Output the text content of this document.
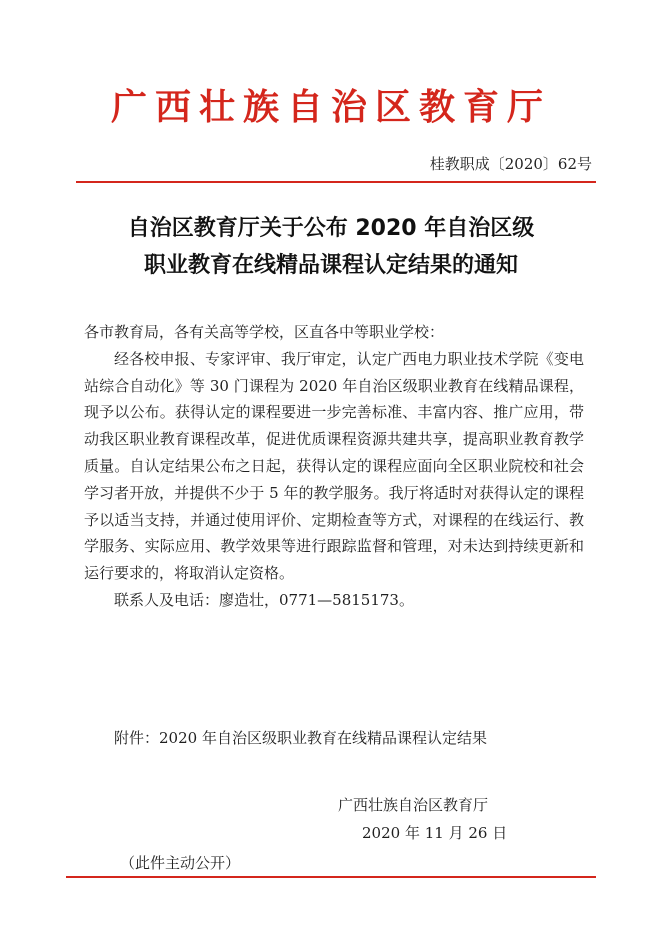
广西壮族自治区教育厅
桂教职成〔2020〕62号
自治区教育厅关于公布 2020 年自治区级
职业教育在线精品课程认定结果的通知

各市教育局，各有关高等学校，区直各中等职业学校：

经各校申报、专家评审、我厅审定，认定广西电力职业技术学院《变电站综合自动化》等 30 门课程为 2020 年自治区级职业教育在线精品课程，现予以公布。获得认定的课程要进一步完善标准、丰富内容、推广应用，带动我区职业教育课程改革，促进优质课程资源共建共享，提高职业教育教学质量。自认定结果公布之日起，获得认定的课程应面向全区职业院校和社会学习者开放，并提供不少于 5 年的教学服务。我厅将适时对获得认定的课程予以适当支持，并通过使用评价、定期检查等方式，对课程的在线运行、教学服务、实际应用、教学效果等进行跟踪监督和管理，对未达到持续更新和运行要求的，将取消认定资格。

联系人及电话：廖造壮，0771—5815173。

附件：2020 年自治区级职业教育在线精品课程认定结果
广西壮族自治区教育厅
2020 年 11 月 26 日
（此件主动公开）
